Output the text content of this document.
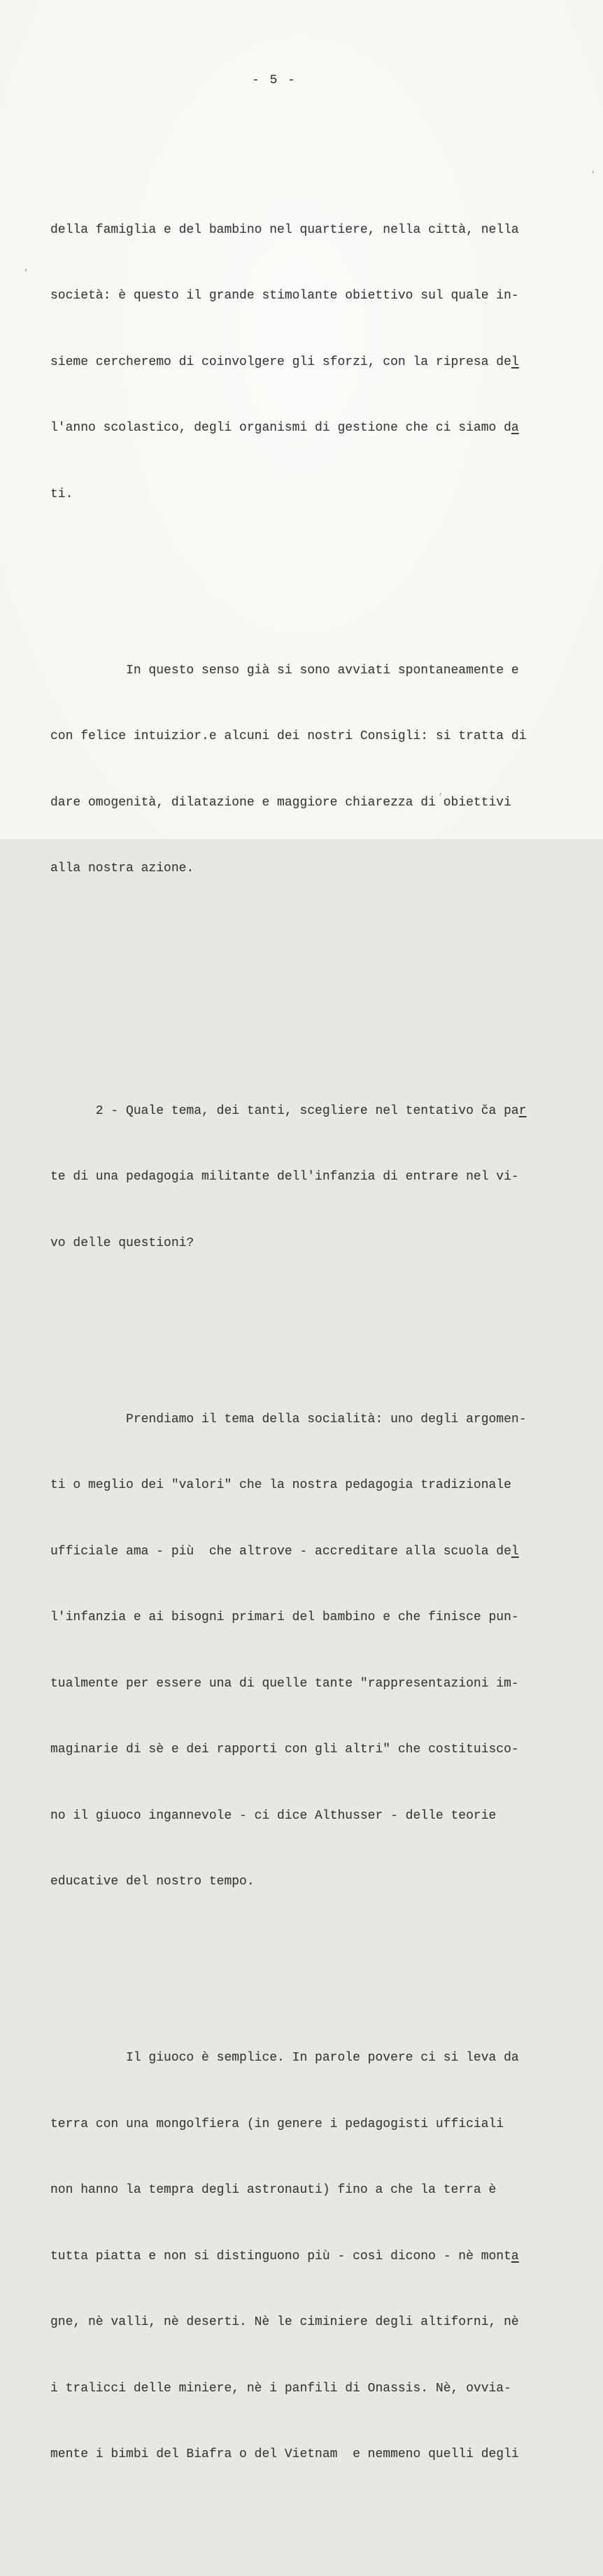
- 5 -

della famiglia e del bambino nel quartiere, nella città, nella

società: è questo il grande stimolante obiettivo sul quale in-

sieme cercheremo di coinvolgere gli sforzi, con la ripresa del

l'anno scolastico, degli organismi di gestione che ci siamo da

ti.

In questo senso già si sono avviati spontaneamente e

con felice intuizior.e alcuni dei nostri Consigli: si tratta di

dare omogenità, dilatazione e maggiore chiarezza di obiettivi

alla nostra azione.

2 - Quale tema, dei tanti, scegliere nel tentativo ča par

te di una pedagogia militante dell'infanzia di entrare nel vi-

vo delle questioni?

Prendiamo il tema della socialità: uno degli argomen-

ti o meglio dei "valori" che la nostra pedagogia tradizionale

ufficiale ama - più  che altrove - accreditare alla scuola del

l'infanzia e ai bisogni primari del bambino e che finisce pun-

tualmente per essere una di quelle tante "rappresentazioni im-

maginarie di sè e dei rapporti con gli altri" che costituisco-

no il giuoco ingannevole - ci dice Althusser - delle teorie

educative del nostro tempo.

Il giuoco è semplice. In parole povere ci si leva da

terra con una mongolfiera (in genere i pedagogisti ufficiali

non hanno la tempra degli astronauti) fino a che la terra è

tutta piatta e non si distinguono più - così dicono - nè monta

gne, nè valli, nè deserti. Nè le ciminiere degli altiforni, nè

i tralicci delle miniere, nè i panfili di Onassis. Nè, ovvia-

mente i bimbi del Biafra o del Vietnam  e nemmeno quelli degli

'
'
,
